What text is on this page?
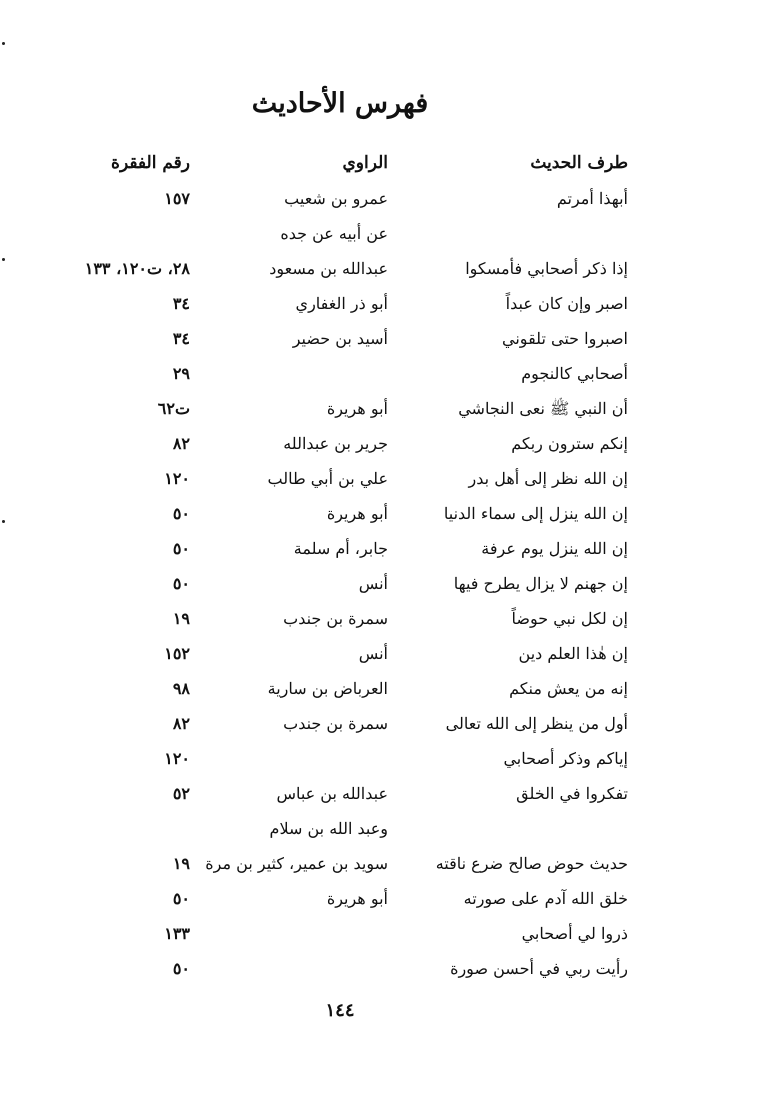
فهرس الأحاديث
طرف الحديث
الراوي
رقم الفقرة
أبهذا أمرتم
عمرو بن شعيب
١٥٧
عن أبيه عن جده
إذا ذكر أصحابي فأمسكوا
عبدالله بن مسعود
٢٨، ت١٢٠، ١٣٣
اصبر وإن كان عبداً
أبو ذر الغفاري
٣٤
اصبروا حتى تلقوني
أسيد بن حضير
٣٤
أصحابي كالنجوم
٢٩
أن النبي ﷺ نعى النجاشي
أبو هريرة
ت٦٢
إنكم سترون ربكم
جرير بن عبدالله
٨٢
إن الله نظر إلى أهل بدر
علي بن أبي طالب
١٢٠
إن الله ينزل إلى سماء الدنيا
أبو هريرة
٥٠
إن الله ينزل يوم عرفة
جابر، أم سلمة
٥٠
إن جهنم لا يزال يطرح فيها
أنس
٥٠
إن لكل نبي حوضاً
سمرة بن جندب
١٩
إن هٰذا العلم دين
أنس
١٥٢
إنه من يعش منكم
العرباض بن سارية
٩٨
أول من ينظر إلى الله تعالى
سمرة بن جندب
٨٢
إياكم وذكر أصحابي
١٢٠
تفكروا في الخلق
عبدالله بن عباس
٥٢
وعبد الله بن سلام
حديث حوض صالح ضرع ناقته
سويد بن عمير، كثير بن مرة
١٩
خلق الله آدم على صورته
أبو هريرة
٥٠
ذروا لي أصحابي
١٣٣
رأيت ربي في أحسن صورة
٥٠
١٤٤
